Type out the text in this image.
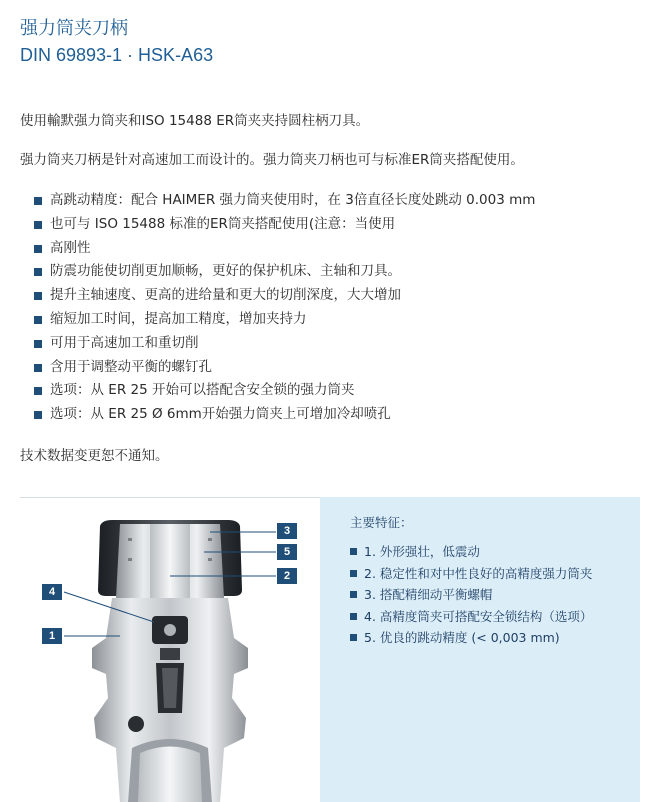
强力筒夹刀柄
DIN 69893-1 · HSK-A63
使用輸默强力筒夹和ISO 15488 ER筒夹夹持圆柱柄刀具。
强力筒夹刀柄是针对高速加工而设计的。强力筒夹刀柄也可与标准ER筒夹搭配使用。
高跳动精度：配合 HAIMER 强力筒夹使用时，在 3倍直径长度处跳动 0.003 mm
也可与 ISO 15488 标准的ER筒夹搭配使用(注意：当使用
高刚性
防震功能使切削更加顺畅，更好的保护机床、主轴和刀具。
提升主轴速度、更高的进给量和更大的切削深度，大大增加
缩短加工时间，提高加工精度，增加夹持力
可用于高速加工和重切削
含用于调整动平衡的螺钉孔
选项：从 ER 25 开始可以搭配含安全锁的强力筒夹
选项：从 ER 25 Ø 6mm开始强力筒夹上可增加冷却喷孔
技术数据变更恕不通知。
3
5
2
4
1
主要特征：
1. 外形强壮，低震动
2. 稳定性和对中性良好的高精度强力筒夹
3. 搭配精细动平衡螺帽
4. 高精度筒夹可搭配安全锁结构（选项）
5. 优良的跳动精度 (< 0,003 mm)
